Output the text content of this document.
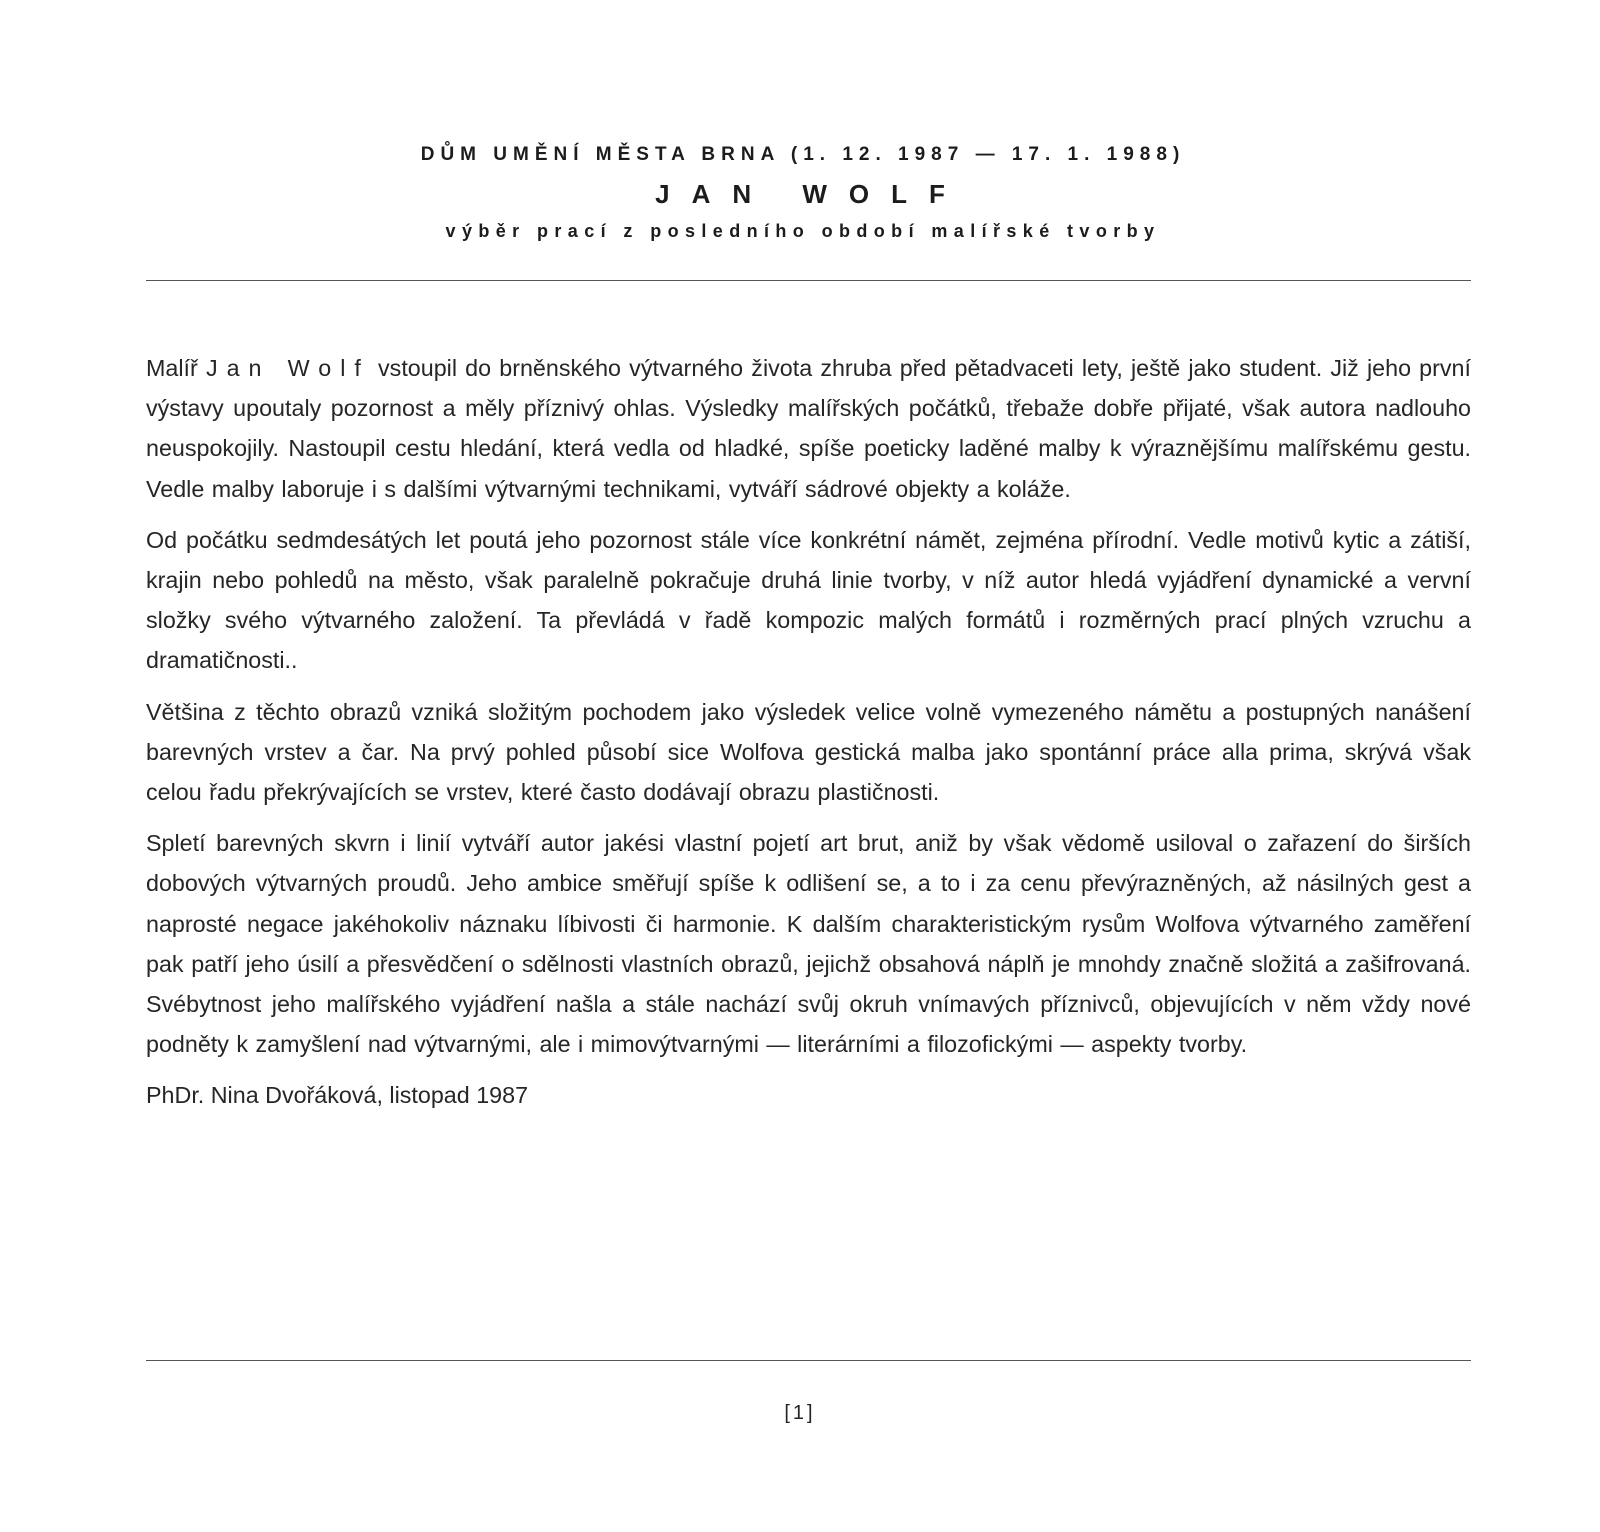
DŮM UMĚNÍ MĚSTA BRNA (1. 12. 1987 — 17. 1. 1988)
JAN WOLF
výběr prací z posledního období malířské tvorby

Malíř Jan Wolf vstoupil do brněnského výtvarného života zhruba před pětadvaceti lety, ještě jako student. Již jeho první výstavy upoutaly pozornost a měly příznivý ohlas. Výsledky malířských počátků, třebaže dobře přijaté, však autora nadlouho neuspokojily. Nastoupil cestu hledání, která vedla od hladké, spíše poeticky laděné malby k výraznějšímu malířskému gestu. Vedle malby laboruje i s dalšími výtvarnými technikami, vytváří sádrové objekty a koláže.

Od počátku sedmdesátých let poutá jeho pozornost stále více konkrétní námět, zejména přírodní. Vedle motivů kytic a zátiší, krajin nebo pohledů na město, však paralelně pokračuje druhá linie tvorby, v níž autor hledá vyjádření dynamické a vervní složky svého výtvarného založení. Ta převládá v řadě kompozic malých formátů i rozměrných prací plných vzruchu a dramatičnosti..

Většina z těchto obrazů vzniká složitým pochodem jako výsledek velice volně vymezeného námětu a postupných nanášení barevných vrstev a čar. Na prvý pohled působí sice Wolfova gestická malba jako spontánní práce alla prima, skrývá však celou řadu překrývajících se vrstev, které často dodávají obrazu plastičnosti.

Spletí barevných skvrn i linií vytváří autor jakési vlastní pojetí art brut, aniž by však vědomě usiloval o zařazení do širších dobových výtvarných proudů. Jeho ambice směřují spíše k odlišení se, a to i za cenu převýrazněných, až násilných gest a naprosté negace jakéhokoliv náznaku líbivosti či harmonie. K dalším charakteristickým rysům Wolfova výtvarného zaměření pak patří jeho úsilí a přesvědčení o sdělnosti vlastních obrazů, jejichž obsahová náplň je mnohdy značně složitá a zašifrovaná. Svébytnost jeho malířského vyjádření našla a stále nachází svůj okruh vnímavých příznivců, objevujících v něm vždy nové podněty k zamyšlení nad výtvarnými, ale i mimovýtvarnými — literárními a filozofickými — aspekty tvorby.

PhDr. Nina Dvořáková, listopad 1987
[1]
